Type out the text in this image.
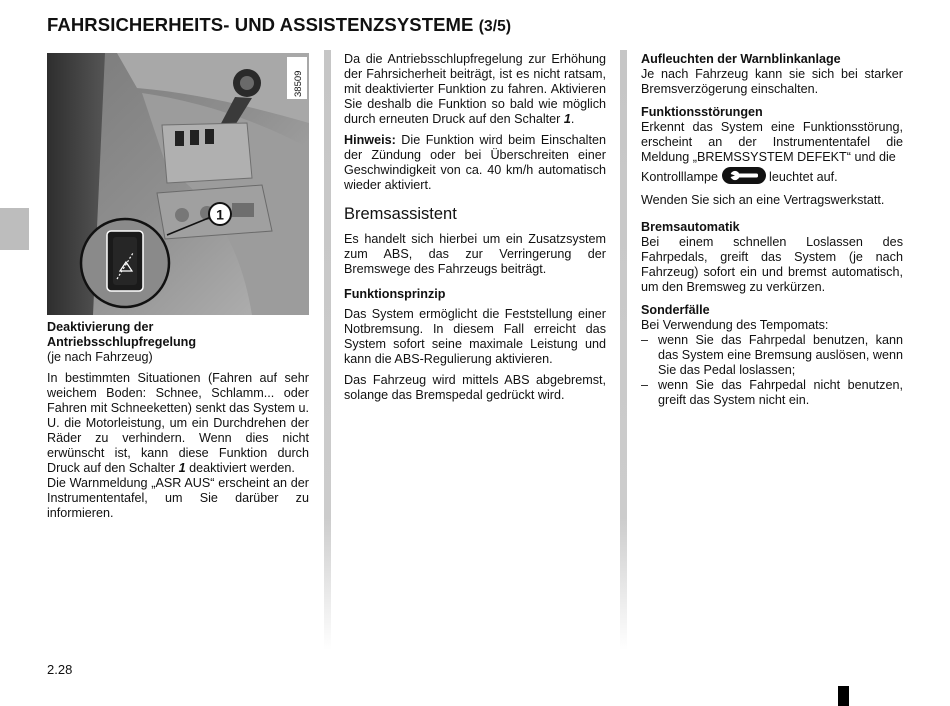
FAHRSICHERHEITS- UND ASSISTENZSYSTEME (3/5)
1
38509

Deaktivierung der
Antriebsschlupfregelung

(je nach Fahrzeug)

In bestimmten Situationen (Fahren auf sehr weichem Boden: Schnee, Schlamm... oder Fahren mit Schneeketten) senkt das System u. U. die Motorleistung, um ein Durchdrehen der Räder zu verhindern. Wenn dies nicht erwünscht ist, kann diese Funktion durch Druck auf den Schalter 1 deaktiviert werden.

Die Warnmeldung „ASR AUS“ erscheint an der Instrumententafel, um Sie darüber zu informieren.

Da die Antriebsschlupfregelung zur Erhöhung der Fahrsicherheit beiträgt, ist es nicht ratsam, mit deaktivierter Funktion zu fahren. Aktivieren Sie deshalb die Funktion so bald wie möglich durch erneuten Druck auf den Schalter 1.

Hinweis: Die Funktion wird beim Einschalten der Zündung oder bei Überschreiten einer Geschwindigkeit von ca. 40 km/h automatisch wieder aktiviert.

Bremsassistent

Es handelt sich hierbei um ein Zusatzsystem zum ABS, das zur Verringerung der Bremswege des Fahrzeugs beiträgt.

Funktionsprinzip

Das System ermöglicht die Feststellung einer Notbremsung. In diesem Fall erreicht das System sofort seine maximale Leistung und kann die ABS-Regulierung aktivieren.

Das Fahrzeug wird mittels ABS abgebremst, solange das Bremspedal gedrückt wird.

Aufleuchten der Warnblinkanlage

Je nach Fahrzeug kann sie sich bei starker Bremsverzögerung einschalten.

Funktionsstörungen

Erkennt das System eine Funktionsstörung, erscheint an der Instrumententafel die Meldung „BREMSSYSTEM DEFEKT“ und die

Kontrolllampe	leuchtet auf.

Wenden Sie sich an eine Vertragswerkstatt.

Bremsautomatik

Bei einem schnellen Loslassen des Fahrpedals, greift das System (je nach Fahrzeug) sofort ein und bremst automatisch, um den Bremsweg zu verkürzen.

Sonderfälle

Bei Verwendung des Tempomats:

– wenn Sie das Fahrpedal benutzen, kann das System eine Bremsung auslösen, wenn Sie das Pedal loslassen;
– wenn Sie das Fahrpedal nicht benutzen, greift das System nicht ein.
2.28
